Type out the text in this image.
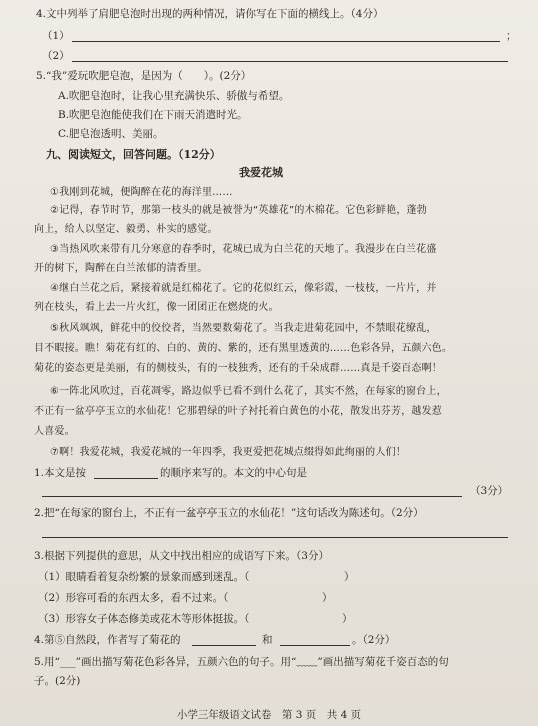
4.文中列举了肩肥皂泡时出现的两种情况，请你写在下面的横线上。（4分）
（1）	；
（2）
5.“我”爱玩吹肥皂泡，是因为（　　）。(2分）
A.吹肥皂泡时，让我心里充满快乐、骄傲与希望。
B.吹肥皂泡能使我们在下雨天消遣时光。
C.肥皂泡透明、美丽。
九、阅读短文，回答问题。（12分）
我爱花城
①我刚到花城，便陶醉在花的海洋里……
②记得，春节时节，那第一枝头的就是被誉为“英雄花”的木棉花。它色彩鲜艳，蓬勃
向上，给人以坚定、毅勇、朴实的感觉。
③当热风吹来带有几分寒意的春季时，花城已成为白兰花的天地了。我漫步在白兰花盛
开的树下，陶醉在白兰浓郁的清香里。
④继白兰花之后，紧接着就是红棉花了。它的花似红云，像彩霞，一枝枝，一片片，并
列在枝头，看上去一片火红，像一团团正在燃烧的火。
⑤秋风飒飒，鲜花中的佼佼者，当然要数菊花了。当我走进菊花园中，不禁眼花缭乱，
目不暇接。瞧！菊花有红的、白的、黄的、紫的，还有黑里透黄的……色彩各异，五颜六色。
菊花的姿态更是美丽，有的侧枝头，有的一枝独秀，还有的千朵成群……真是千姿百态啊！
⑥一阵北风吹过，百花凋零，路边似乎已看不到什么花了，其实不然，在每家的窗台上，
不正有一盆亭亭玉立的水仙花！它那碧绿的叶子衬托着白黄色的小花，散发出芬芳，越发惹
人喜爱。
⑦啊！我爱花城，我爱花城的一年四季，我更爱把花城点缀得如此绚丽的人们！
1.本文是按	的顺序来写的。本文的中心句是
（3分）
2.把“在每家的窗台上，不正有一盆亭亭玉立的水仙花！”这句话改为陈述句。（2分）
3.根据下列提供的意思，从文中找出相应的成语写下来。（3分）
（1）眼睛看着复杂纷繁的景象而感到迷乱。（	）
（2）形容可看的东西太多，看不过来。（	）
（3）形容女子体态修美或花木等形体挺拔。（	）
4.第⑤自然段，作者写了菊花的	和	。（2分）
5.用“___”画出描写菊花色彩各异，五颜六色的句子。用“﹏﹏”画出描写菊花千姿百态的句
子。(2分)
小学三年级语文试卷　第 3 页　共 4 页
